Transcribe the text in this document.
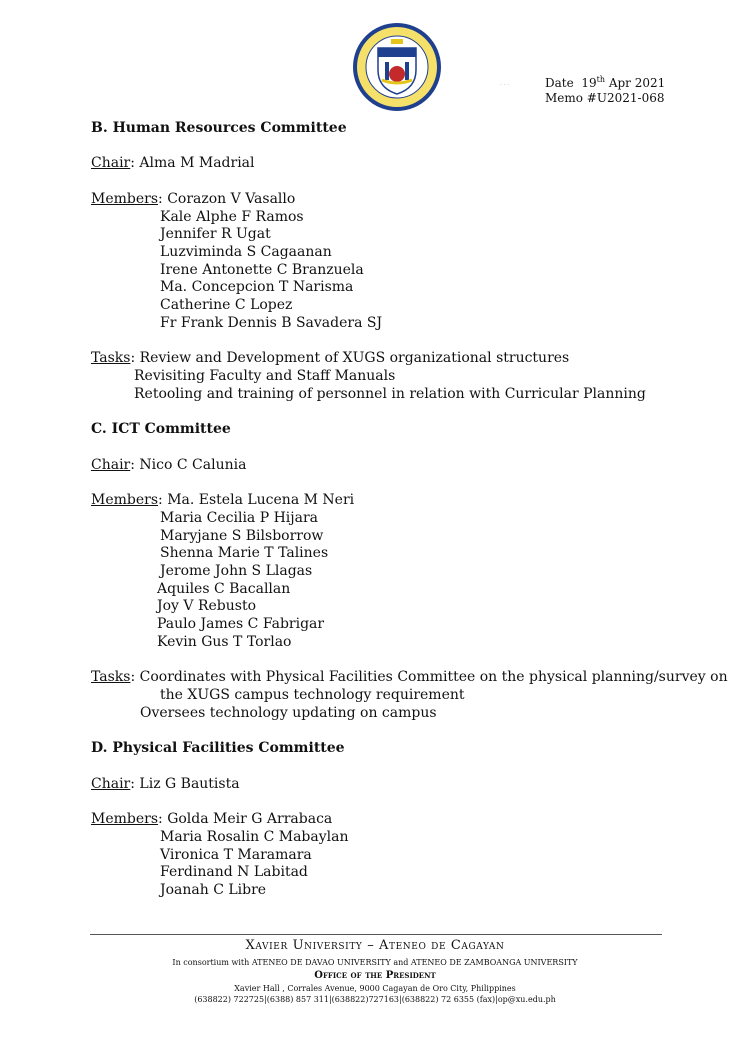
· · ·	Date 19th Apr 2021
Memo #U2021-068
B. Human Resources Committee
Chair: Alma M Madrial
Members: Corazon V Vasallo
Kale Alphe F Ramos
Jennifer R Ugat
Luzviminda S Cagaanan
Irene Antonette C Branzuela
Ma. Concepcion T Narisma
Catherine C Lopez
Fr Frank Dennis B Savadera SJ
Tasks: Review and Development of XUGS organizational structures
Revisiting Faculty and Staff Manuals
Retooling and training of personnel in relation with Curricular Planning
C. ICT Committee
Chair: Nico C Calunia
Members: Ma. Estela Lucena M Neri
Maria Cecilia P Hijara
Maryjane S Bilsborrow
Shenna Marie T Talines
Jerome John S Llagas
Aquiles C Bacallan
Joy V Rebusto
Paulo James C Fabrigar
Kevin Gus T Torlao
Tasks: Coordinates with Physical Facilities Committee on the physical planning/survey on
the XUGS campus technology requirement
Oversees technology updating on campus
D. Physical Facilities Committee
Chair: Liz G Bautista
Members: Golda Meir G Arrabaca
Maria Rosalin C Mabaylan
Vironica T Maramara
Ferdinand N Labitad
Joanah C Libre
Xavier University – Ateneo de Cagayan
In consortium with ATENEO DE DAVAO UNIVERSITY and ATENEO DE ZAMBOANGA UNIVERSITY
Office of the President
Xavier Hall , Corrales Avenue, 9000 Cagayan de Oro City, Philippines
(638822) 722725|(6388) 857 311|(638822)727163|(638822) 72 6355 (fax)|op@xu.edu.ph
